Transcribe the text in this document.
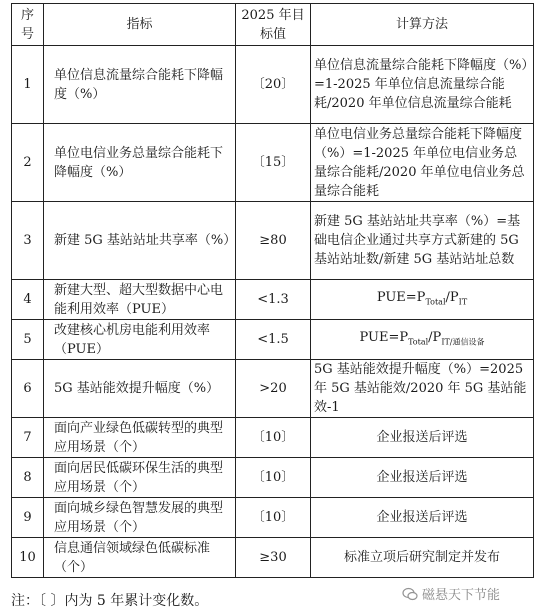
序号	指标	2025 年目标值	计算方法
1	单位信息流量综合能耗下降幅度（%）	〔20〕	单位信息流量综合能耗下降幅度（%）=1-2025 年单位信息流量综合能耗/2020 年单位信息流量综合能耗
2	单位电信业务总量综合能耗下降幅度（%）	〔15〕	单位电信业务总量综合能耗下降幅度（%）=1-2025 年单位电信业务总量综合能耗/2020 年单位电信业务总量综合能耗
3	新建 5G 基站站址共享率（%）	≥80	新建 5G 基站站址共享率（%）=基础电信企业通过共享方式新建的 5G 基站站址数/新建 5G 基站站址总数
4	新建大型、超大型数据中心电能利用效率（PUE）	<1.3	$PUE=P_{Total}/P_{IT}$
5	改建核心机房电能利用效率（PUE）	<1.5	$PUE=P_{Total}/P_{IT/通信设备}$
6	5G 基站能效提升幅度（%）	>20	5G 基站能效提升幅度（%）=2025 年 5G 基站能效/2020 年 5G 基站能效-1
7	面向产业绿色低碳转型的典型应用场景（个）	〔10〕	企业报送后评选
8	面向居民低碳环保生活的典型应用场景（个）	〔10〕	企业报送后评选
9	面向城乡绿色智慧发展的典型应用场景（个）	〔10〕	企业报送后评选
10	信息通信领域绿色低碳标准（个）	≥30	标准立项后研究制定并发布
注：〔 〕内为 5 年累计变化数。	磁悬天下节能
